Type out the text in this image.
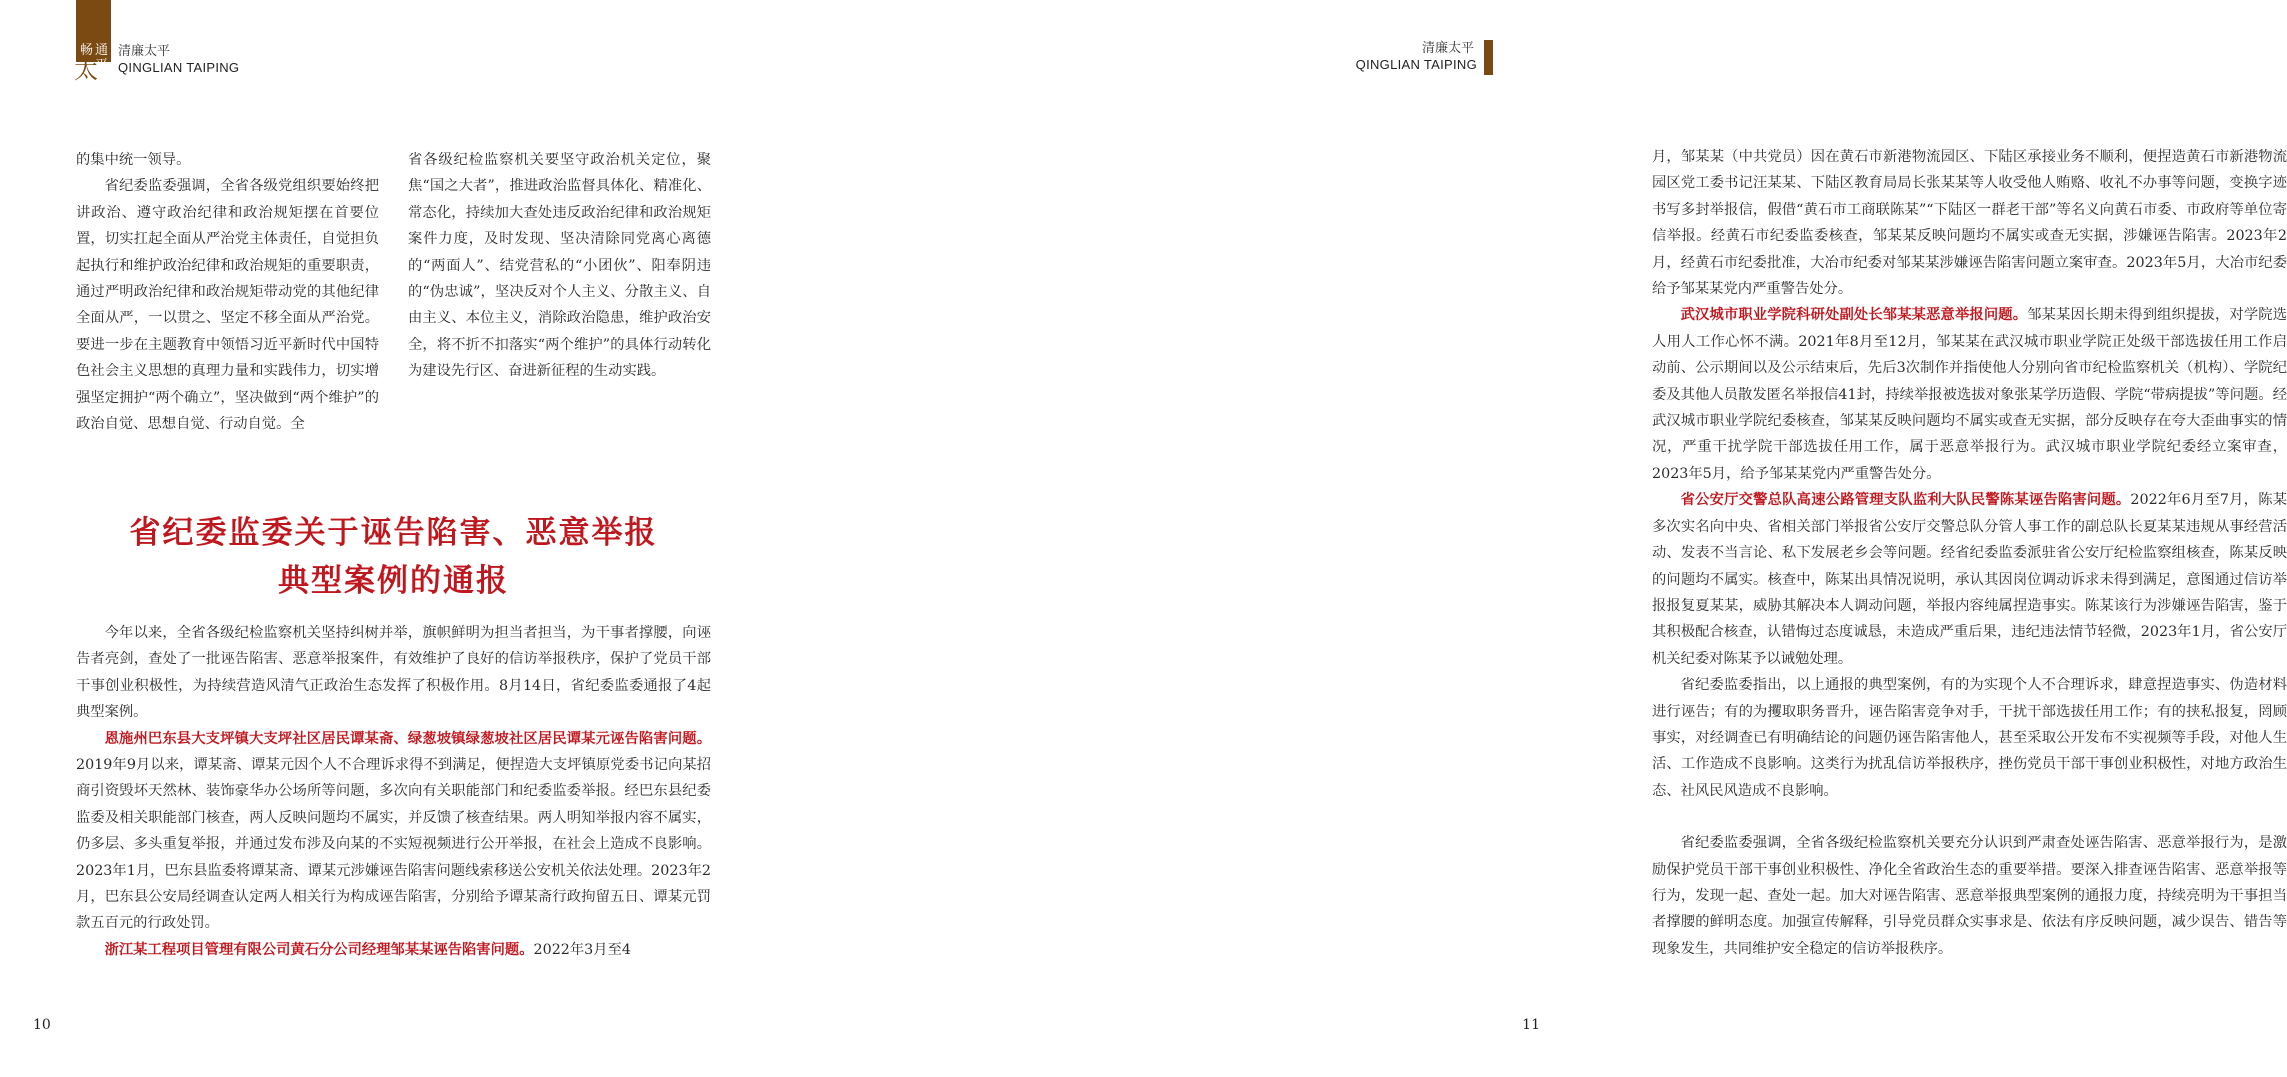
畅 通
平
太
清廉太平
QINGLIAN TAIPING

的集中统一领导。

省纪委监委强调，全省各级党组织要始终把讲政治、遵守政治纪律和政治规矩摆在首要位置，切实扛起全面从严治党主体责任，自觉担负起执行和维护政治纪律和政治规矩的重要职责，通过严明政治纪律和政治规矩带动党的其他纪律全面从严，一以贯之、坚定不移全面从严治党。要进一步在主题教育中领悟习近平新时代中国特色社会主义思想的真理力量和实践伟力，切实增强坚定拥护“两个确立”，坚决做到“两个维护”的政治自觉、思想自觉、行动自觉。全

省各级纪检监察机关要坚守政治机关定位，聚焦“国之大者”，推进政治监督具体化、精准化、常态化，持续加大查处违反政治纪律和政治规矩案件力度，及时发现、坚决清除同党离心离德的“两面人”、结党营私的“小团伙”、阳奉阴违的“伪忠诚”，坚决反对个人主义、分散主义、自由主义、本位主义，消除政治隐患，维护政治安全，将不折不扣落实“两个维护”的具体行动转化为建设先行区、奋进新征程的生动实践。

省纪委监委关于诬告陷害、恶意举报
典型案例的通报

今年以来，全省各级纪检监察机关坚持纠树并举，旗帜鲜明为担当者担当，为干事者撑腰，向诬告者亮剑，查处了一批诬告陷害、恶意举报案件，有效维护了良好的信访举报秩序，保护了党员干部干事创业积极性，为持续营造风清气正政治生态发挥了积极作用。8月14日，省纪委监委通报了4起典型案例。

恩施州巴东县大支坪镇大支坪社区居民谭某斋、绿葱坡镇绿葱坡社区居民谭某元诬告陷害问题。2019年9月以来，谭某斋、谭某元因个人不合理诉求得不到满足，便捏造大支坪镇原党委书记向某招商引资毁坏天然林、装饰豪华办公场所等问题，多次向有关职能部门和纪委监委举报。经巴东县纪委监委及相关职能部门核查，两人反映问题均不属实，并反馈了核查结果。两人明知举报内容不属实，仍多层、多头重复举报，并通过发布涉及向某的不实短视频进行公开举报，在社会上造成不良影响。2023年1月，巴东县监委将谭某斋、谭某元涉嫌诬告陷害问题线索移送公安机关依法处理。2023年2月，巴东县公安局经调查认定两人相关行为构成诬告陷害，分别给予谭某斋行政拘留五日、谭某元罚款五百元的行政处罚。

浙江某工程项目管理有限公司黄石分公司经理邹某某诬告陷害问题。2022年3月至4

10
清廉太平
QINGLIAN TAIPING

月，邹某某（中共党员）因在黄石市新港物流园区、下陆区承接业务不顺利，便捏造黄石市新港物流园区党工委书记汪某某、下陆区教育局局长张某某等人收受他人贿赂、收礼不办事等问题，变换字迹书写多封举报信，假借“黄石市工商联陈某”“下陆区一群老干部”等名义向黄石市委、市政府等单位寄信举报。经黄石市纪委监委核查，邹某某反映问题均不属实或查无实据，涉嫌诬告陷害。2023年2月，经黄石市纪委批准，大冶市纪委对邹某某涉嫌诬告陷害问题立案审查。2023年5月，大冶市纪委给予邹某某党内严重警告处分。

武汉城市职业学院科研处副处长邹某某恶意举报问题。邹某某因长期未得到组织提拔，对学院选人用人工作心怀不满。2021年8月至12月，邹某某在武汉城市职业学院正处级干部选拔任用工作启动前、公示期间以及公示结束后，先后3次制作并指使他人分别向省市纪检监察机关（机构）、学院纪委及其他人员散发匿名举报信41封，持续举报被选拔对象张某学历造假、学院“带病提拔”等问题。经武汉城市职业学院纪委核查，邹某某反映问题均不属实或查无实据，部分反映存在夸大歪曲事实的情况，严重干扰学院干部选拔任用工作，属于恶意举报行为。武汉城市职业学院纪委经立案审查，2023年5月，给予邹某某党内严重警告处分。

省公安厅交警总队高速公路管理支队监利大队民警陈某诬告陷害问题。2022年6月至7月，陈某多次实名向中央、省相关部门举报省公安厅交警总队分管人事工作的副总队长夏某某违规从事经营活动、发表不当言论、私下发展老乡会等问题。经省纪委监委派驻省公安厅纪检监察组核查，陈某反映的问题均不属实。核查中，陈某出具情况说明，承认其因岗位调动诉求未得到满足，意图通过信访举报报复夏某某，威胁其解决本人调动问题，举报内容纯属捏造事实。陈某该行为涉嫌诬告陷害，鉴于其积极配合核查，认错悔过态度诚恳，未造成严重后果，违纪违法情节轻微，2023年1月，省公安厅机关纪委对陈某予以诫勉处理。

省纪委监委指出，以上通报的典型案例，有的为实现个人不合理诉求，肆意捏造事实、伪造材料进行诬告；有的为攫取职务晋升，诬告陷害竞争对手，干扰干部选拔任用工作；有的挟私报复，罔顾事实，对经调查已有明确结论的问题仍诬告陷害他人，甚至采取公开发布不实视频等手段，对他人生活、工作造成不良影响。这类行为扰乱信访举报秩序，挫伤党员干部干事创业积极性，对地方政治生态、社风民风造成不良影响。

省纪委监委强调，全省各级纪检监察机关要充分认识到严肃查处诬告陷害、恶意举报行为，是激励保护党员干部干事创业积极性、净化全省政治生态的重要举措。要深入排查诬告陷害、恶意举报等行为，发现一起、查处一起。加大对诬告陷害、恶意举报典型案例的通报力度，持续亮明为干事担当者撑腰的鲜明态度。加强宣传解释，引导党员群众实事求是、依法有序反映问题，减少误告、错告等现象发生，共同维护安全稳定的信访举报秩序。

11
